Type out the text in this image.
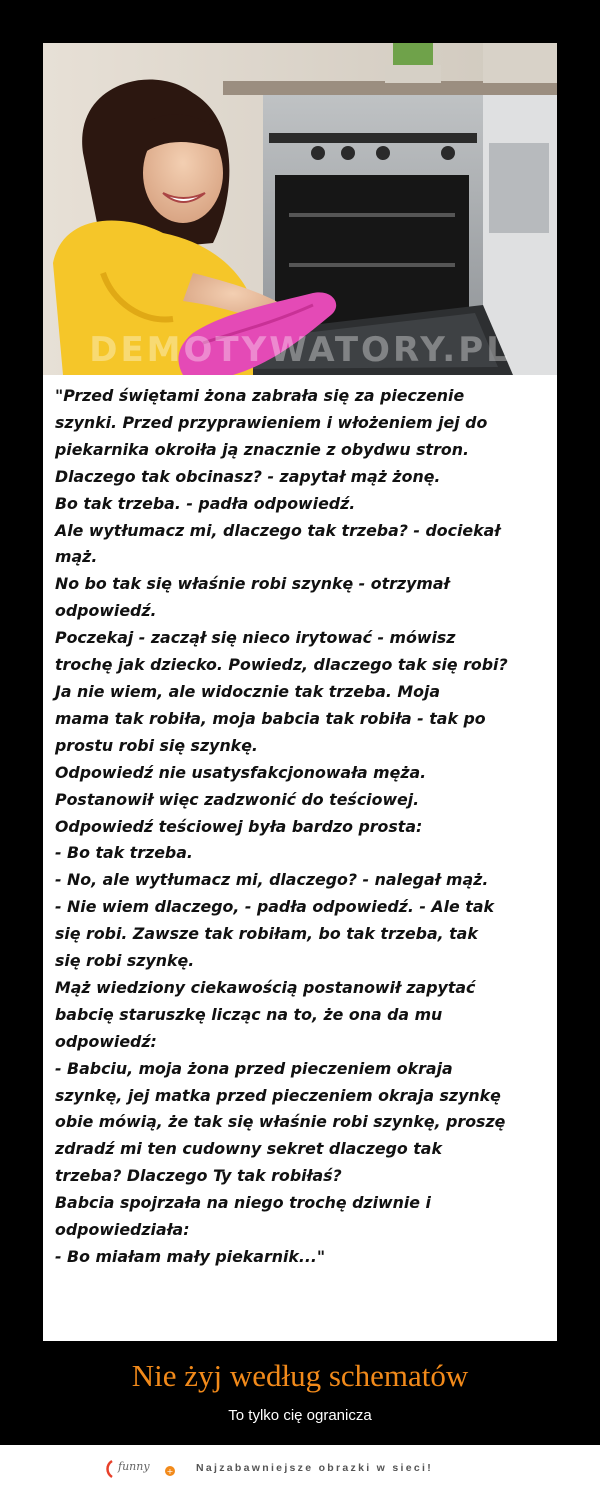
DEMOTYWATORY.PL
"Przed świętami żona zabrała się za pieczenie
szynki. Przed przyprawieniem i włożeniem jej do
piekarnika okroiła ją znacznie z obydwu stron.
Dlaczego tak obcinasz? - zapytał mąż żonę.
Bo tak trzeba. - padła odpowiedź.
Ale wytłumacz mi, dlaczego tak trzeba? - dociekał
mąż.
No bo tak się właśnie robi szynkę - otrzymał
odpowiedź.
Poczekaj - zaczął się nieco irytować - mówisz
trochę jak dziecko. Powiedz, dlaczego tak się robi?
Ja nie wiem, ale widocznie tak trzeba. Moja
mama tak robiła, moja babcia tak robiła - tak po
prostu robi się szynkę.
Odpowiedź nie usatysfakcjonowała męża.
Postanowił więc zadzwonić do teściowej.
Odpowiedź teściowej była bardzo prosta:
- Bo tak trzeba.
- No, ale wytłumacz mi, dlaczego? - nalegał mąż.
- Nie wiem dlaczego, - padła odpowiedź. - Ale tak
się robi. Zawsze tak robiłam, bo tak trzeba, tak
się robi szynkę.
Mąż wiedziony ciekawością postanowił zapytać
babcię staruszkę licząc na to, że ona da mu
odpowiedź:
- Babciu, moja żona przed pieczeniem okraja
szynkę, jej matka przed pieczeniem okraja szynkę
obie mówią, że tak się właśnie robi szynkę, proszę
zdradź mi ten cudowny sekret dlaczego tak
trzeba? Dlaczego Ty tak robiłaś?
Babcia spojrzała na niego trochę dziwnie i
odpowiedziała:
- Bo miałam mały piekarnik..."
Nie żyj według schematów
To tylko cię ogranicza
+
funny	Najzabawniejsze obrazki w sieci!
